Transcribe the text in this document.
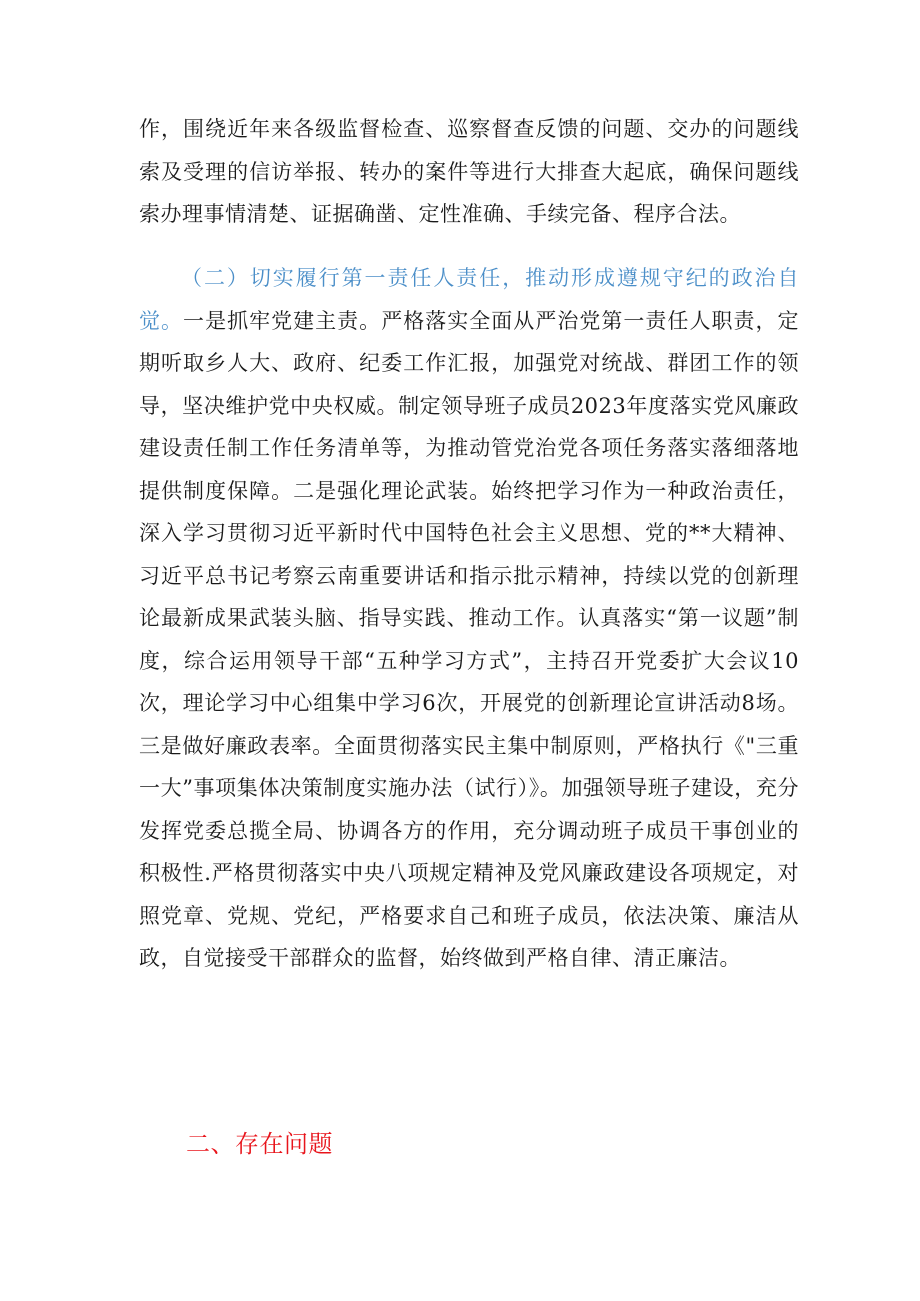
作，围绕近年来各级监督检查、巡察督查反馈的问题、交办的问题线索及受理的信访举报、转办的案件等进行大排查大起底，确保问题线索办理事情清楚、证据确凿、定性准确、手续完备、程序合法。

（二）切实履行第一责任人责任，推动形成遵规守纪的政治自觉。一是抓牢党建主责。严格落实全面从严治党第一责任人职责，定期听取乡人大、政府、纪委工作汇报，加强党对统战、群团工作的领导，坚决维护党中央权威。制定领导班子成员2023年度落实党风廉政建设责任制工作任务清单等，为推动管党治党各项任务落实落细落地提供制度保障。二是强化理论武装。始终把学习作为一种政治责任，深入学习贯彻习近平新时代中国特色社会主义思想、党的**大精神、习近平总书记考察云南重要讲话和指示批示精神，持续以党的创新理论最新成果武装头脑、指导实践、推动工作。认真落实“第一议题”制度，综合运用领导干部“五种学习方式”，主持召开党委扩大会议10次，理论学习中心组集中学习6次，开展党的创新理论宣讲活动8场。三是做好廉政表率。全面贯彻落实民主集中制原则，严格执行《"三重一大”事项集体决策制度实施办法（试行）》。加强领导班子建设，充分发挥党委总揽全局、协调各方的作用，充分调动班子成员干事创业的积极性.严格贯彻落实中央八项规定精神及党风廉政建设各项规定，对照党章、党规、党纪，严格要求自己和班子成员，依法决策、廉洁从政，自觉接受干部群众的监督，始终做到严格自律、清正廉洁。

二、存在问题
